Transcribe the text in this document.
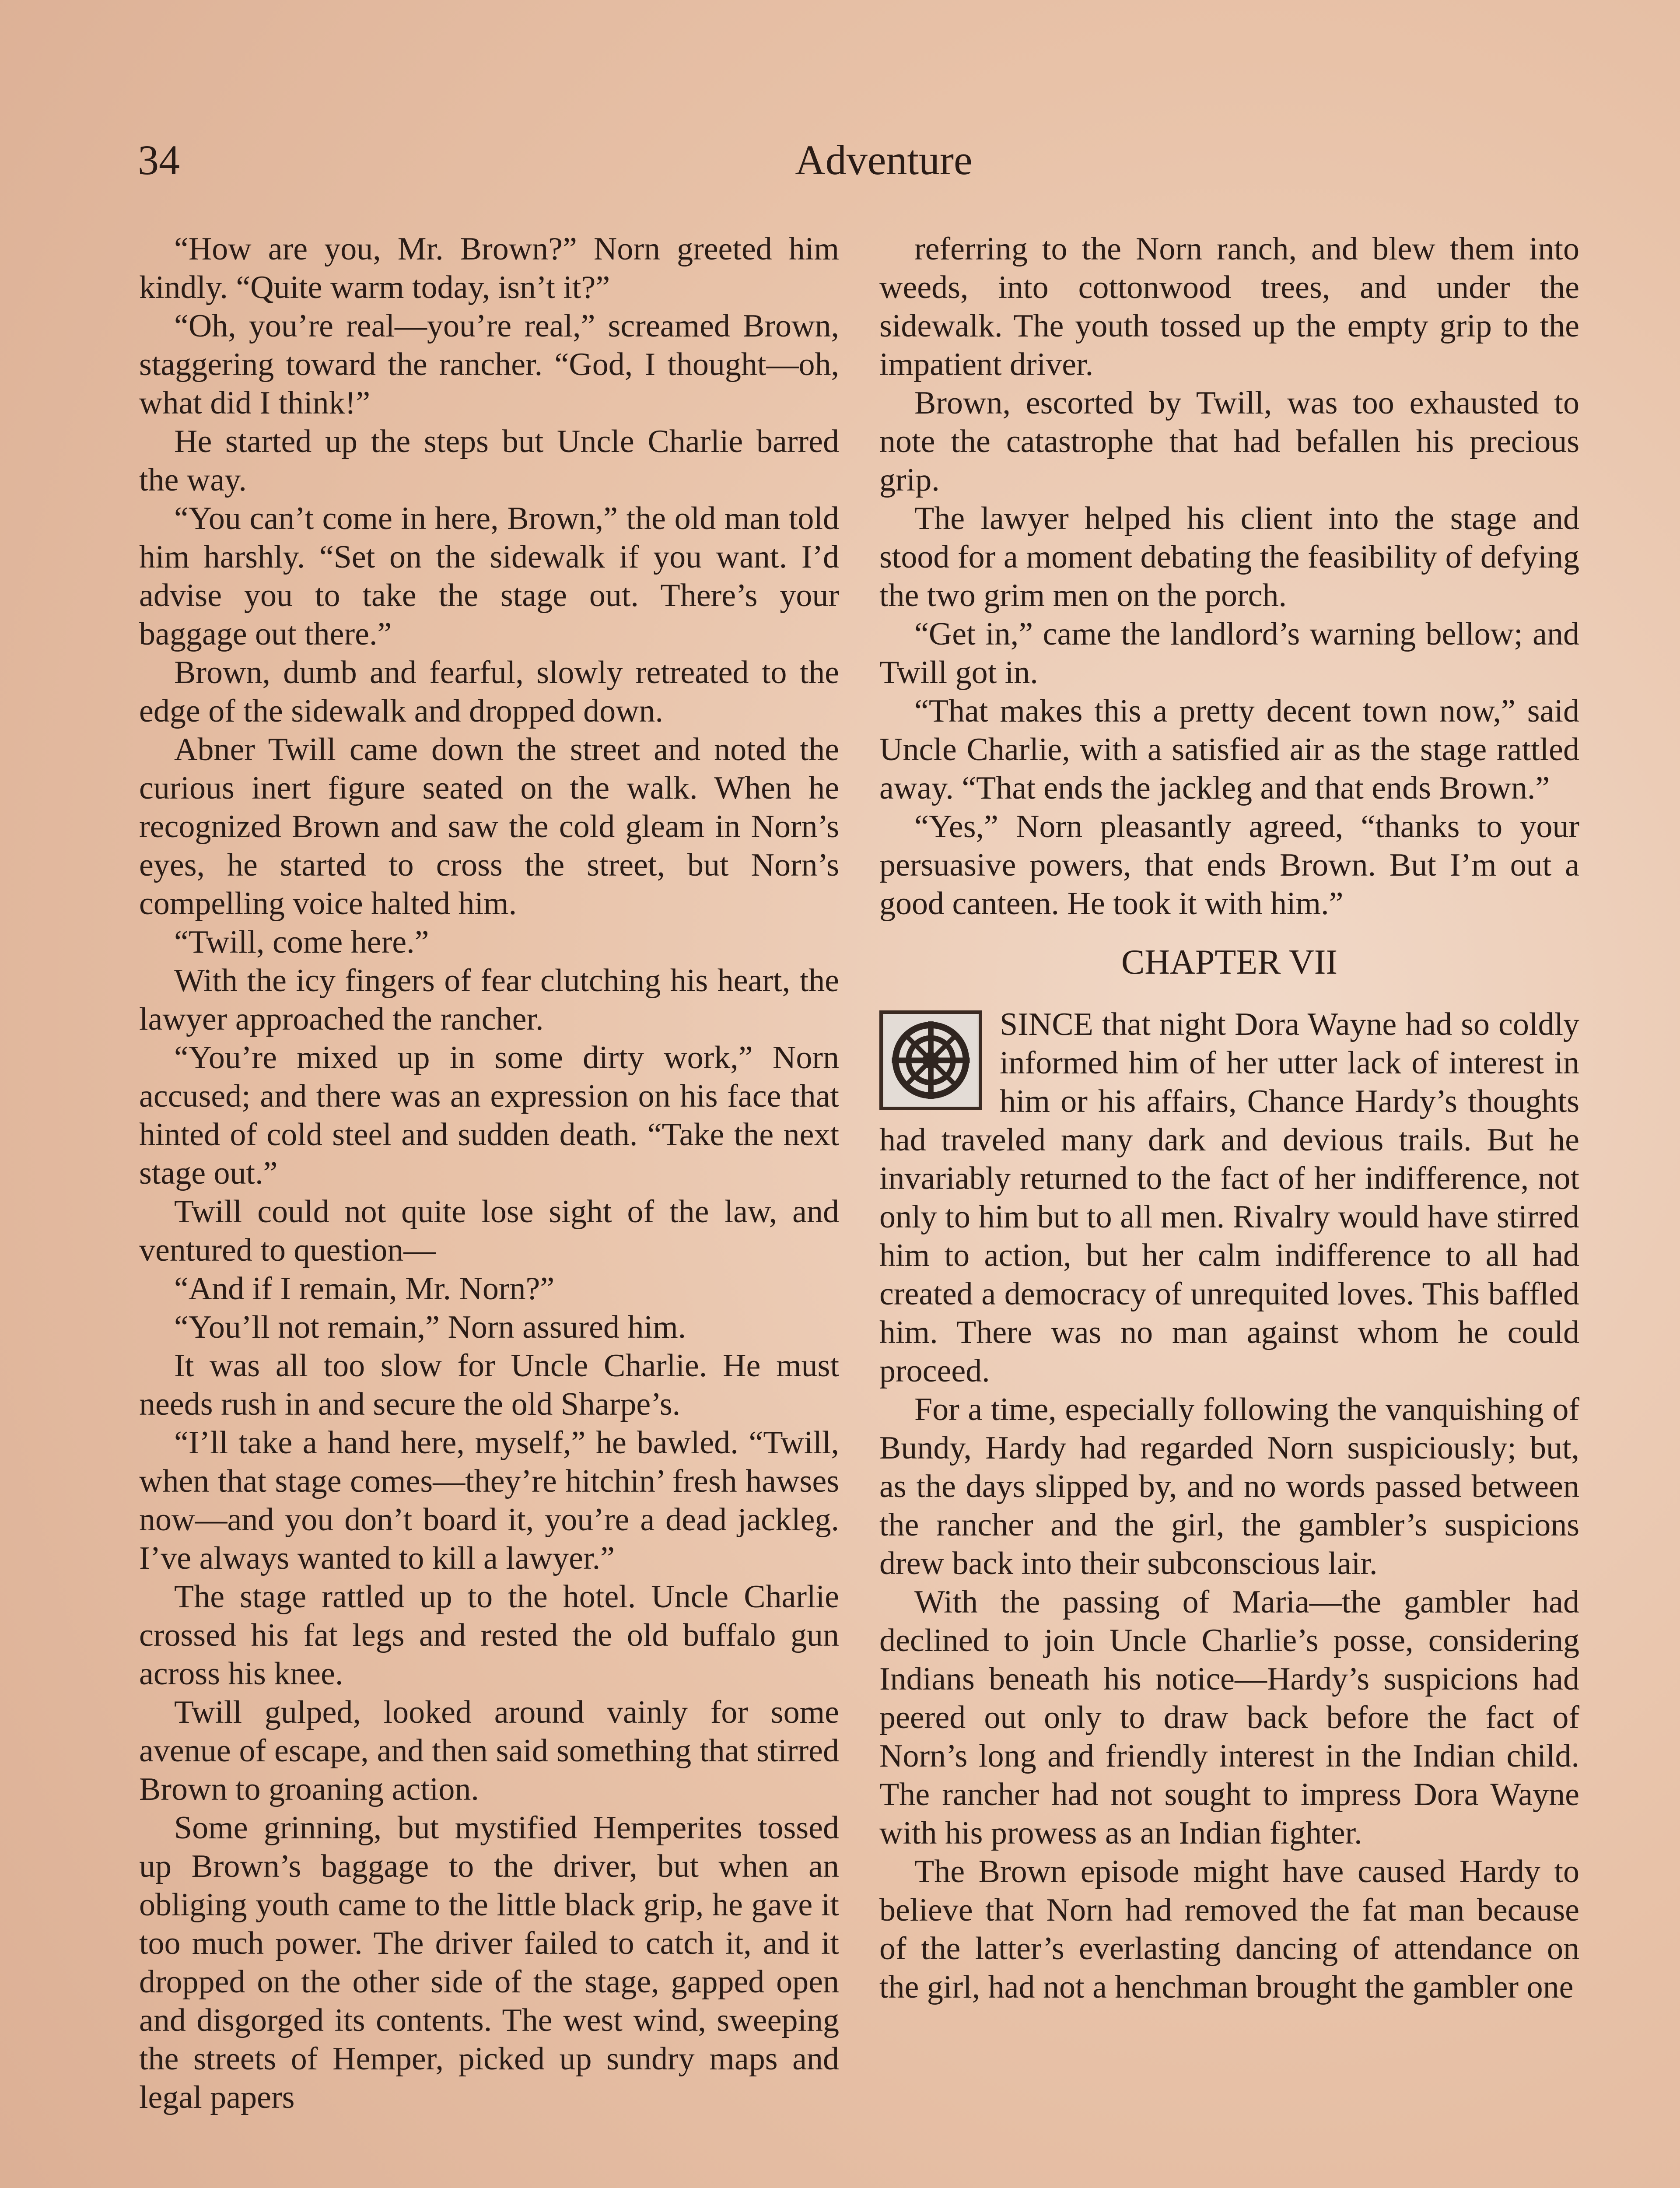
34	Adventure

“How are you, Mr. Brown?” Norn greeted him kindly. “Quite warm today, isn’t it?”

“Oh, you’re real—you’re real,” screamed Brown, staggering toward the rancher. “God, I thought—oh, what did I think!”

He started up the steps but Uncle Charlie barred the way.

“You can’t come in here, Brown,” the old man told him harshly. “Set on the sidewalk if you want. I’d advise you to take the stage out. There’s your baggage out there.”

Brown, dumb and fearful, slowly retreated to the edge of the sidewalk and dropped down.

Abner Twill came down the street and noted the curious inert figure seated on the walk. When he recognized Brown and saw the cold gleam in Norn’s eyes, he started to cross the street, but Norn’s compelling voice halted him.

“Twill, come here.”

With the icy fingers of fear clutching his heart, the lawyer approached the rancher.

“You’re mixed up in some dirty work,” Norn accused; and there was an expression on his face that hinted of cold steel and sudden death. “Take the next stage out.”

Twill could not quite lose sight of the law, and ventured to question—

“And if I remain, Mr. Norn?”

“You’ll not remain,” Norn assured him.

It was all too slow for Uncle Charlie. He must needs rush in and secure the old Sharpe’s.

“I’ll take a hand here, myself,” he bawled. “Twill, when that stage comes—they’re hitchin’ fresh hawses now—and you don’t board it, you’re a dead jackleg. I’ve always wanted to kill a lawyer.”

The stage rattled up to the hotel. Uncle Charlie crossed his fat legs and rested the old buffalo gun across his knee.

Twill gulped, looked around vainly for some avenue of escape, and then said something that stirred Brown to groaning action.

Some grinning, but mystified Hemperites tossed up Brown’s baggage to the driver, but when an obliging youth came to the little black grip, he gave it too much power. The driver failed to catch it, and it dropped on the other side of the stage, gapped open and disgorged its contents. The west wind, sweeping the streets of Hemper, picked up sundry maps and legal papers

referring to the Norn ranch, and blew them into weeds, into cottonwood trees, and under the sidewalk. The youth tossed up the empty grip to the impatient driver.

Brown, escorted by Twill, was too exhausted to note the catastrophe that had befallen his precious grip.

The lawyer helped his client into the stage and stood for a moment debating the feasibility of defying the two grim men on the porch.

“Get in,” came the landlord’s warning bellow; and Twill got in.

“That makes this a pretty decent town now,” said Uncle Charlie, with a satisfied air as the stage rattled away. “That ends the jackleg and that ends Brown.”

“Yes,” Norn pleasantly agreed, “thanks to your persuasive powers, that ends Brown. But I’m out a good canteen. He took it with him.”

CHAPTER VII

SINCE that night Dora Wayne had so coldly informed him of her utter lack of interest in him or his affairs, Chance Hardy’s thoughts had traveled many dark and devious trails. But he invariably returned to the fact of her indifference, not only to him but to all men. Rivalry would have stirred him to action, but her calm indifference to all had created a democracy of unrequited loves. This baffled him. There was no man against whom he could proceed.

For a time, especially following the vanquishing of Bundy, Hardy had regarded Norn suspiciously; but, as the days slipped by, and no words passed between the rancher and the girl, the gambler’s suspicions drew back into their subconscious lair.

With the passing of Maria—the gambler had declined to join Uncle Charlie’s posse, considering Indians beneath his notice—Hardy’s suspicions had peered out only to draw back before the fact of Norn’s long and friendly interest in the Indian child. The rancher had not sought to impress Dora Wayne with his prowess as an Indian fighter.

The Brown episode might have caused Hardy to believe that Norn had removed the fat man because of the latter’s everlasting dancing of attendance on the girl, had not a henchman brought the gambler one
